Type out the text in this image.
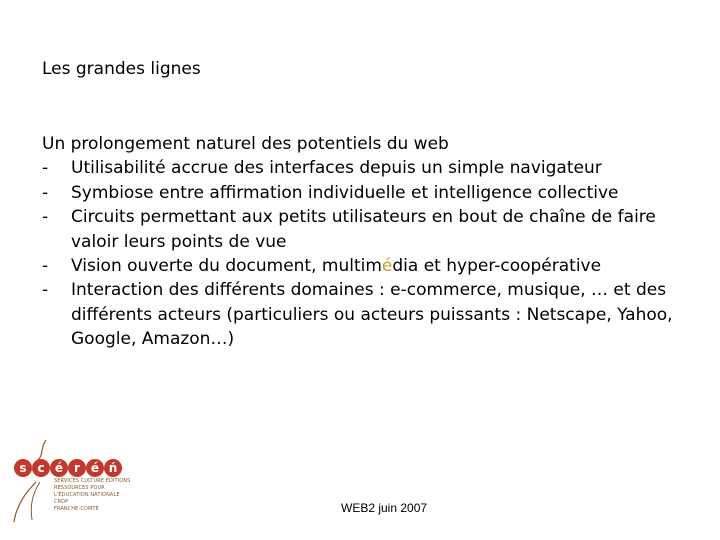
Les grandes lignes

Un prolongement naturel des potentiels du web

-	Utilisabilité accrue des interfaces depuis un simple navigateur
-	Symbiose entre affirmation individuelle et intelligence collective
-	Circuits permettant aux petits utilisateurs en bout de chaîne de faire valoir leurs points de vue
-	Vision ouverte du document, multimédia et hyper-coopérative
-	Interaction des différents domaines : e-commerce, musique, … et des différents acteurs (particuliers ou acteurs puissants : Netscape, Yahoo, Google, Amazon…)
s c é r é ń
SERVICES CULTURE ÉDITIONS
RESSOURCES POUR
L'ÉDUCATION NATIONALE
CRDP
FRANCHE-COMTÉ	WEB2 juin 2007
